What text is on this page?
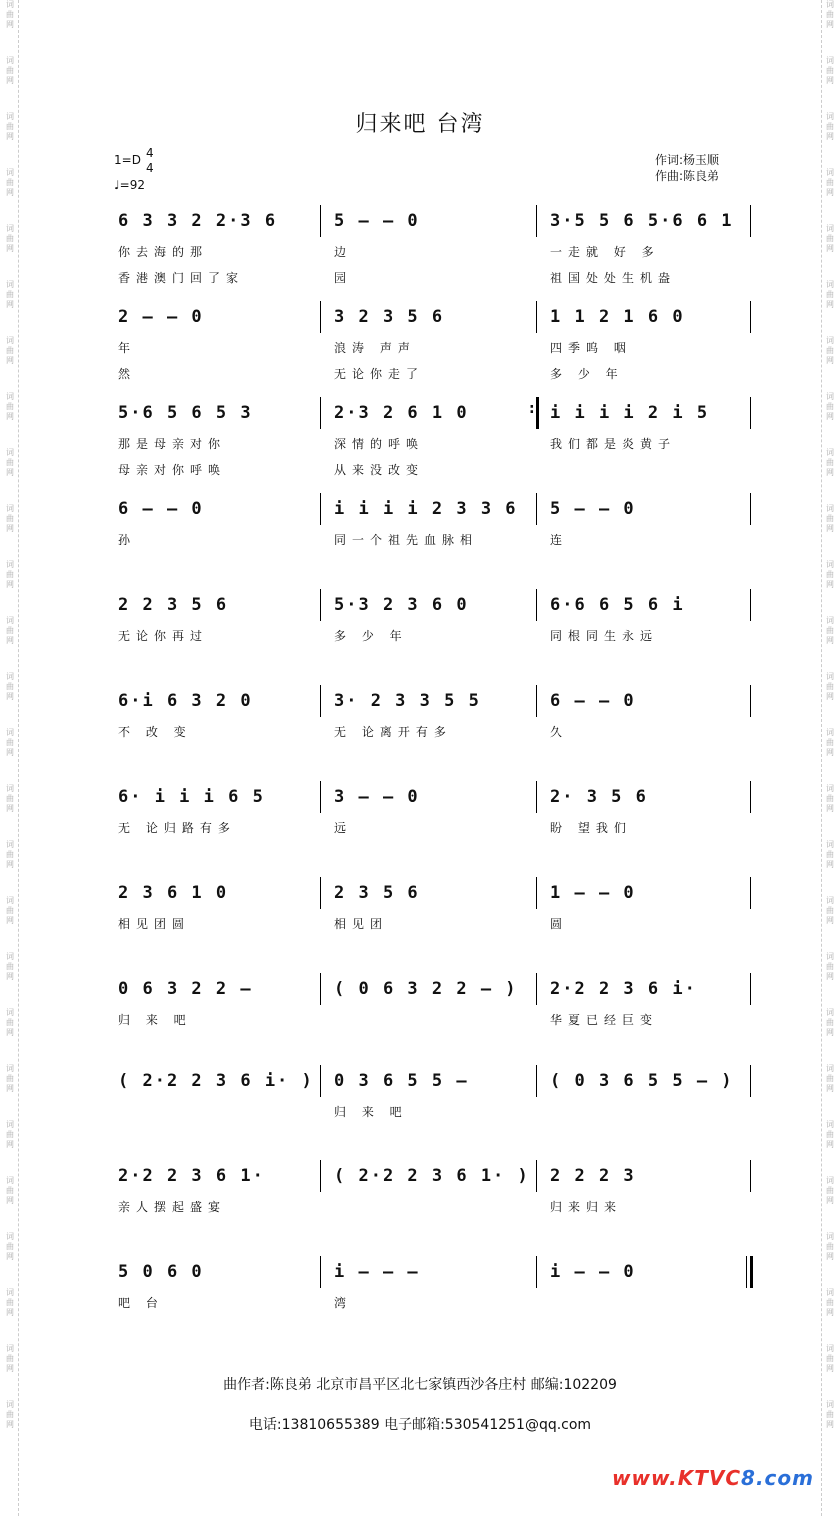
词
曲
网
词
曲
网
词
曲
网
词
曲
网
词
曲
网
词
曲
网
词
曲
网
词
曲
网
词
曲
网
词
曲
网
词
曲
网
词
曲
网
词
曲
网
词
曲
网
词
曲
网
词
曲
网
词
曲
网
词
曲
网
词
曲
网
词
曲
网
词
曲
网
词
曲
网
词
曲
网
词
曲
网
词
曲
网
词
曲
网
词
曲
网
词
曲
网
词
曲
网
词
曲
网
词
曲
网
词
曲
网
词
曲
网
词
曲
网
词
曲
网
词
曲
网
词
曲
网
词
曲
网
词
曲
网
词
曲
网
词
曲
网
词
曲
网
词
曲
网
词
曲
网
词
曲
网
词
曲
网
词
曲
网
词
曲
网
词
曲
网
词
曲
网
词
曲
网
词
曲
网
归来吧 台湾
1=D 4
4
♩=92
作词:杨玉顺
作曲:陈良弟
6 3 3 2 2·3 6
你去海的那
香港澳门回了家
5 – – 0
边
园
3·5 5 6 5·6 6 1
一走就 好 多
祖国处处生机盎
2 – – 0
年
然
3 2 3 5 6
浪涛 声声
无论你走了
1 1 2 1 6 0
四季呜 咽
多 少 年
5·6 5 6 5 3
那是母亲对你
母亲对你呼唤
2·3 2 6 1 0
深情的呼唤
从来没改变
i i i i 2 i 5
我们都是炎黄子
:
6 – – 0
孙
i i i i 2 3 3 6
同一个祖先血脉相
5 – – 0
连
2 2 3 5 6
无论你再过
5·3 2 3 6 0
多 少 年
6·6 6 5 6 i
同根同生永远
6·i 6 3 2 0
不 改 变
3· 2 3 3 5 5
无 论离开有多
6 – – 0
久
6· i i i 6 5
无 论归路有多
3 – – 0
远
2· 3 5 6
盼 望我们
2 3 6 1 0
相见团圆
2 3 5 6
相见团
1 – – 0
圆
0 6 3 2 2 –
归 来 吧
( 0 6 3 2 2 – ) 2·2 2 3 6 i·
华夏已经巨变
( 2·2 2 3 6 i· ) 0 3 6 5 5 –
归 来 吧
( 0 3 6 5 5 – )
2·2 2 3 6 1·
亲人摆起盛宴
( 2·2 2 3 6 1· ) 2 2 2 3
归来归来
5 0 6 0
吧 台
i – – –
湾
i – – 0
曲作者:陈良弟 北京市昌平区北七家镇西沙各庄村 邮编:102209
电话:13810655389 电子邮箱:530541251@qq.com
www.KTVC8.com
